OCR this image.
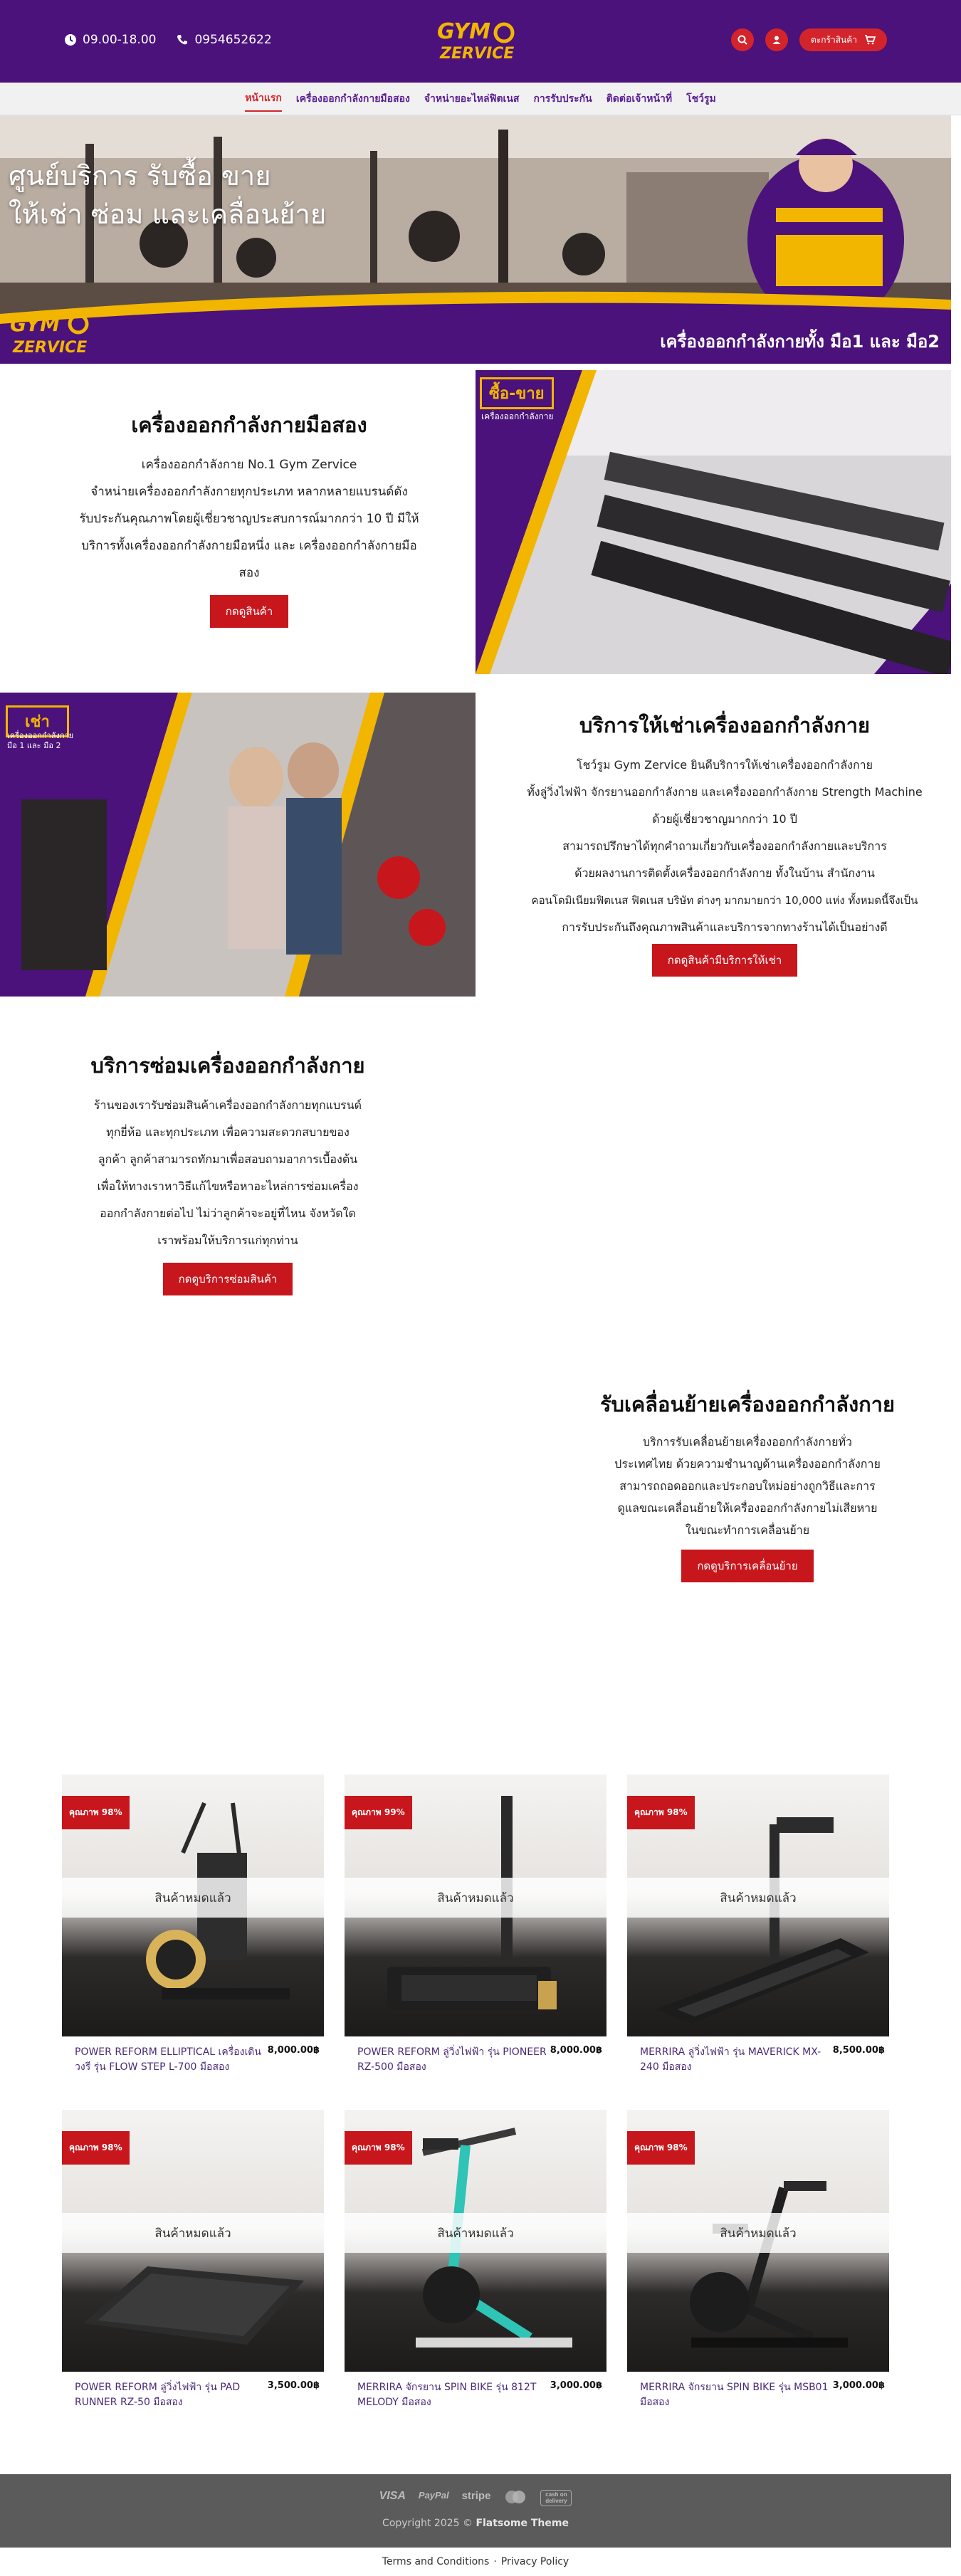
09.00-18.00	0954652622	GYM
ZERVICE
ตะกร้าสินค้า
หน้าแรก เครื่องออกกำลังกายมือสอง จำหน่ายอะไหล่ฟิตเนส การรับประกัน ติดต่อเจ้าหน้าที่ โชว์รูม
ศูนย์บริการ รับซื้อ ขาย
ให้เช่า ซ่อม และเคลื่อนย้าย
GYM
ZERVICE	เครื่องออกกำลังกายทั้ง มือ1 และ มือ2
เครื่องออกกำลังกายมือสอง
เครื่องออกกำลังกาย No.1 Gym Zervice
จำหน่ายเครื่องออกกำลังกายทุกประเภท หลากหลายแบรนด์ดัง
รับประกันคุณภาพโดยผู้เชี่ยวชาญประสบการณ์มากกว่า 10 ปี มีให้
บริการทั้งเครื่องออกกำลังกายมือหนึ่ง และ เครื่องออกกำลังกายมือ
สอง
กดดูสินค้า
ซื้อ-ขาย
เครื่องออกกำลังกาย
เช่า
เครื่องออกกำลังกาย
มือ 1 และ มือ 2
บริการให้เช่าเครื่องออกกำลังกาย
โชว์รูม Gym Zervice ยินดีบริการให้เช่าเครื่องออกกำลังกาย
ทั้งลู่วิ่งไฟฟ้า จักรยานออกกำลังกาย และเครื่องออกกำลังกาย Strength Machine
ด้วยผู้เชี่ยวชาญมากกว่า 10 ปี
สามารถปรึกษาได้ทุกคำถามเกี่ยวกับเครื่องออกกำลังกายและบริการ
ด้วยผลงานการติดตั้งเครื่องออกกำลังกาย ทั้งในบ้าน สำนักงาน
คอนโดมิเนียมฟิตเนส ฟิตเนส บริษัท ต่างๆ มากมายกว่า 10,000 แห่ง ทั้งหมดนี้จึงเป็น
การรับประกันถึงคุณภาพสินค้าและบริการจากทางร้านได้เป็นอย่างดี
กดดูสินค้ามีบริการให้เช่า
บริการซ่อมเครื่องออกกำลังกาย
ร้านของเรารับซ่อมสินค้าเครื่องออกกำลังกายทุกแบรนด์
ทุกยี่ห้อ และทุกประเภท เพื่อความสะดวกสบายของ
ลูกค้า ลูกค้าสามารถทักมาเพื่อสอบถามอาการเบื้องต้น
เพื่อให้ทางเราหาวิธีแก้ไขหรือหาอะไหล่การซ่อมเครื่อง
ออกกำลังกายต่อไป ไม่ว่าลูกค้าจะอยู่ที่ไหน จังหวัดใด
เราพร้อมให้บริการแก่ทุกท่าน
กดดูบริการซ่อมสินค้า
รับเคลื่อนย้ายเครื่องออกกำลังกาย
บริการรับเคลื่อนย้ายเครื่องออกกำลังกายทั่ว
ประเทศไทย ด้วยความชำนาญด้านเครื่องออกกำลังกาย
สามารถถอดออกและประกอบใหม่อย่างถูกวิธีและการ
ดูแลขณะเคลื่อนย้ายให้เครื่องออกกำลังกายไม่เสียหาย
ในขณะทำการเคลื่อนย้าย
กดดูบริการเคลื่อนย้าย
คุณภาพ 98%
สินค้าหมดแล้ว
POWER REFORM ELLIPTICAL เครื่องเดินวงรี รุ่น FLOW STEP L-700 มือสอง
8,000.00฿
คุณภาพ 99%
สินค้าหมดแล้ว
POWER REFORM ลู่วิ่งไฟฟ้า รุ่น PIONEER RZ-500 มือสอง
8,000.00฿
คุณภาพ 98%
สินค้าหมดแล้ว
MERRIRA ลู่วิ่งไฟฟ้า รุ่น MAVERICK MX-240 มือสอง
8,500.00฿
คุณภาพ 98%
สินค้าหมดแล้ว
POWER REFORM ลู่วิ่งไฟฟ้า รุ่น PAD RUNNER RZ-50 มือสอง
3,500.00฿
คุณภาพ 98%
สินค้าหมดแล้ว
MERRIRA จักรยาน SPIN BIKE รุ่น 812T MELODY มือสอง
3,000.00฿
คุณภาพ 98%
สินค้าหมดแล้ว
MERRIRA จักรยาน SPIN BIKE รุ่น MSB01 มือสอง
3,000.00฿
VISA PayPal stripe	cash on delivery
Copyright 2025 © Flatsome Theme
Terms and Conditions · Privacy Policy
